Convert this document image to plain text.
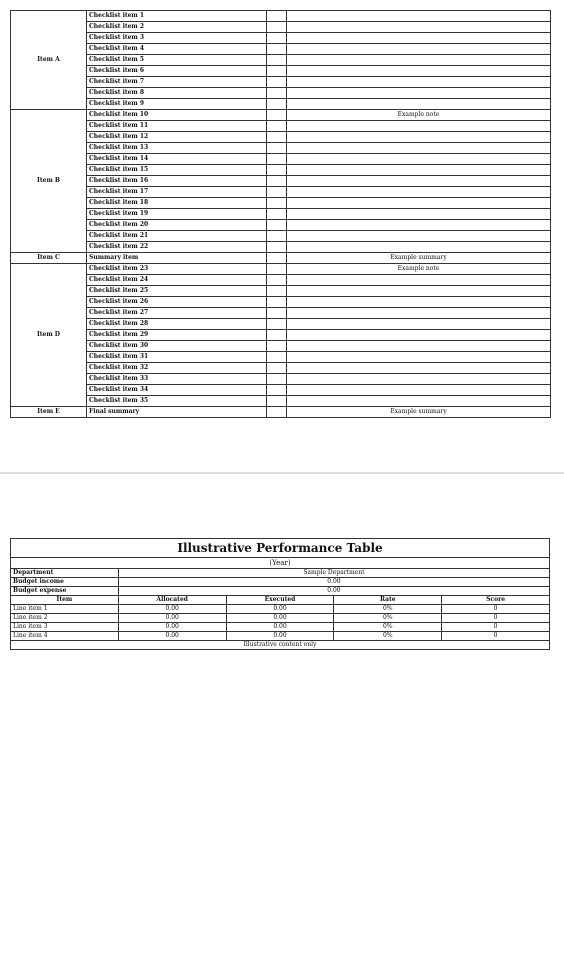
Item A	Checklist item 1		
	Checklist item 2		
	Checklist item 3		
	Checklist item 4		
	Checklist item 5		
	Checklist item 6		
	Checklist item 7		
	Checklist item 8		
	Checklist item 9		
Item B	Checklist item 10		Example note
	Checklist item 11		
	Checklist item 12		
	Checklist item 13		
	Checklist item 14		
	Checklist item 15		
	Checklist item 16		
	Checklist item 17		
	Checklist item 18		
	Checklist item 19		
	Checklist item 20		
	Checklist item 21		
	Checklist item 22		
Item C	Summary item		Example summary
Item D	Checklist item 23		Example note
	Checklist item 24		
	Checklist item 25		
	Checklist item 26		
	Checklist item 27		
	Checklist item 28		
	Checklist item 29		
	Checklist item 30		
	Checklist item 31		
	Checklist item 32		
	Checklist item 33		
	Checklist item 34		
	Checklist item 35		
Item E	Final summary		Example summary
Illustrative Performance Table				
(Year)				
Department	Sample Department			
Budget income	0.00			
Budget expense	0.00			
Item	Allocated	Executed	Rate	Score
Line item 1	0.00	0.00	0%	0
Line item 2	0.00	0.00	0%	0
Line item 3	0.00	0.00	0%	0
Line item 4	0.00	0.00	0%	0
Illustrative content only				
